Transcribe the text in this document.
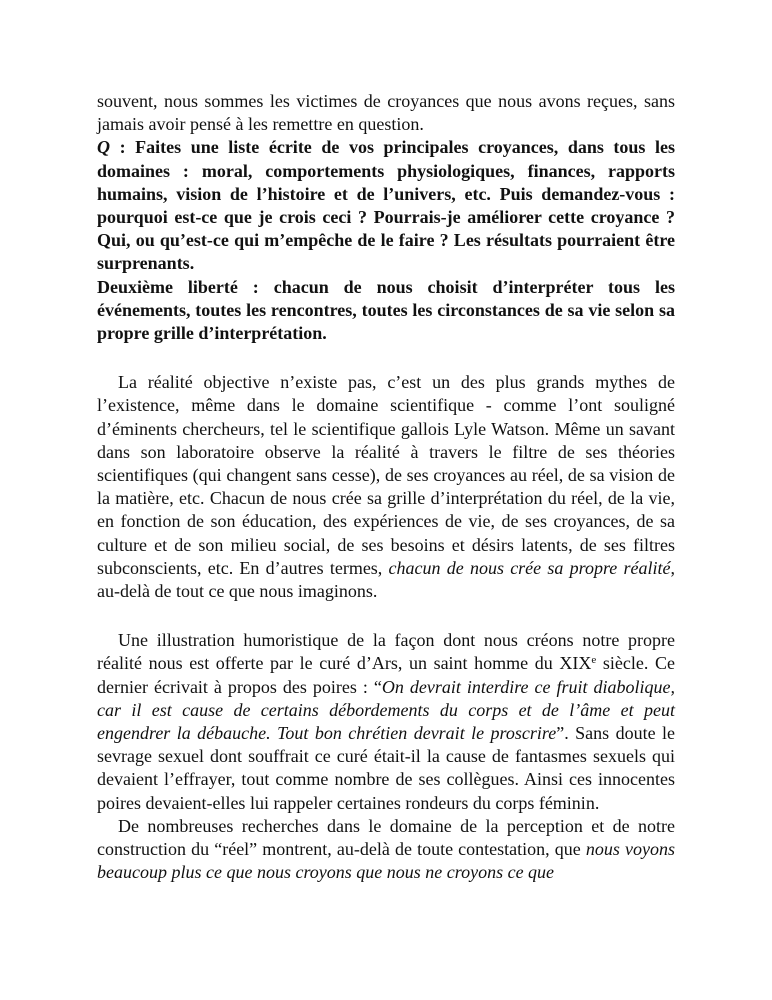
souvent, nous sommes les victimes de croyances que nous avons reçues, sans jamais avoir pensé à les remettre en question.

Q : Faites une liste écrite de vos principales croyances, dans tous les domaines : moral, comportements physiologiques, finances, rapports humains, vision de l’histoire et de l’univers, etc. Puis demandez-vous : pourquoi est-ce que je crois ceci ? Pourrais-je améliorer cette croyance ? Qui, ou qu’est-ce qui m’empêche de le faire ? Les résultats pourraient être surprenants.

Deuxième liberté : chacun de nous choisit d’interpréter tous les événements, toutes les rencontres, toutes les circonstances de sa vie selon sa propre grille d’interprétation.

La réalité objective n’existe pas, c’est un des plus grands mythes de l’existence, même dans le domaine scientifique - comme l’ont souligné d’éminents chercheurs, tel le scientifique gallois Lyle Watson. Même un savant dans son laboratoire observe la réalité à travers le filtre de ses théories scientifiques (qui changent sans cesse), de ses croyances au réel, de sa vision de la matière, etc. Chacun de nous crée sa grille d’interprétation du réel, de la vie, en fonction de son éducation, des expériences de vie, de ses croyances, de sa culture et de son milieu social, de ses besoins et désirs latents, de ses filtres subconscients, etc. En d’autres termes, chacun de nous crée sa propre réalité, au-delà de tout ce que nous imaginons.

Une illustration humoristique de la façon dont nous créons notre propre réalité nous est offerte par le curé d’Ars, un saint homme du XIXe siècle. Ce dernier écrivait à propos des poires : “On devrait interdire ce fruit diabolique, car il est cause de certains débordements du corps et de l’âme et peut engendrer la débauche. Tout bon chrétien devrait le proscrire”. Sans doute le sevrage sexuel dont souffrait ce curé était-il la cause de fantasmes sexuels qui devaient l’effrayer, tout comme nombre de ses collègues. Ainsi ces innocentes poires devaient-elles lui rappeler certaines rondeurs du corps féminin.

De nombreuses recherches dans le domaine de la perception et de notre construction du “réel” montrent, au-delà de toute contestation, que nous voyons beaucoup plus ce que nous croyons que nous ne croyons ce que
